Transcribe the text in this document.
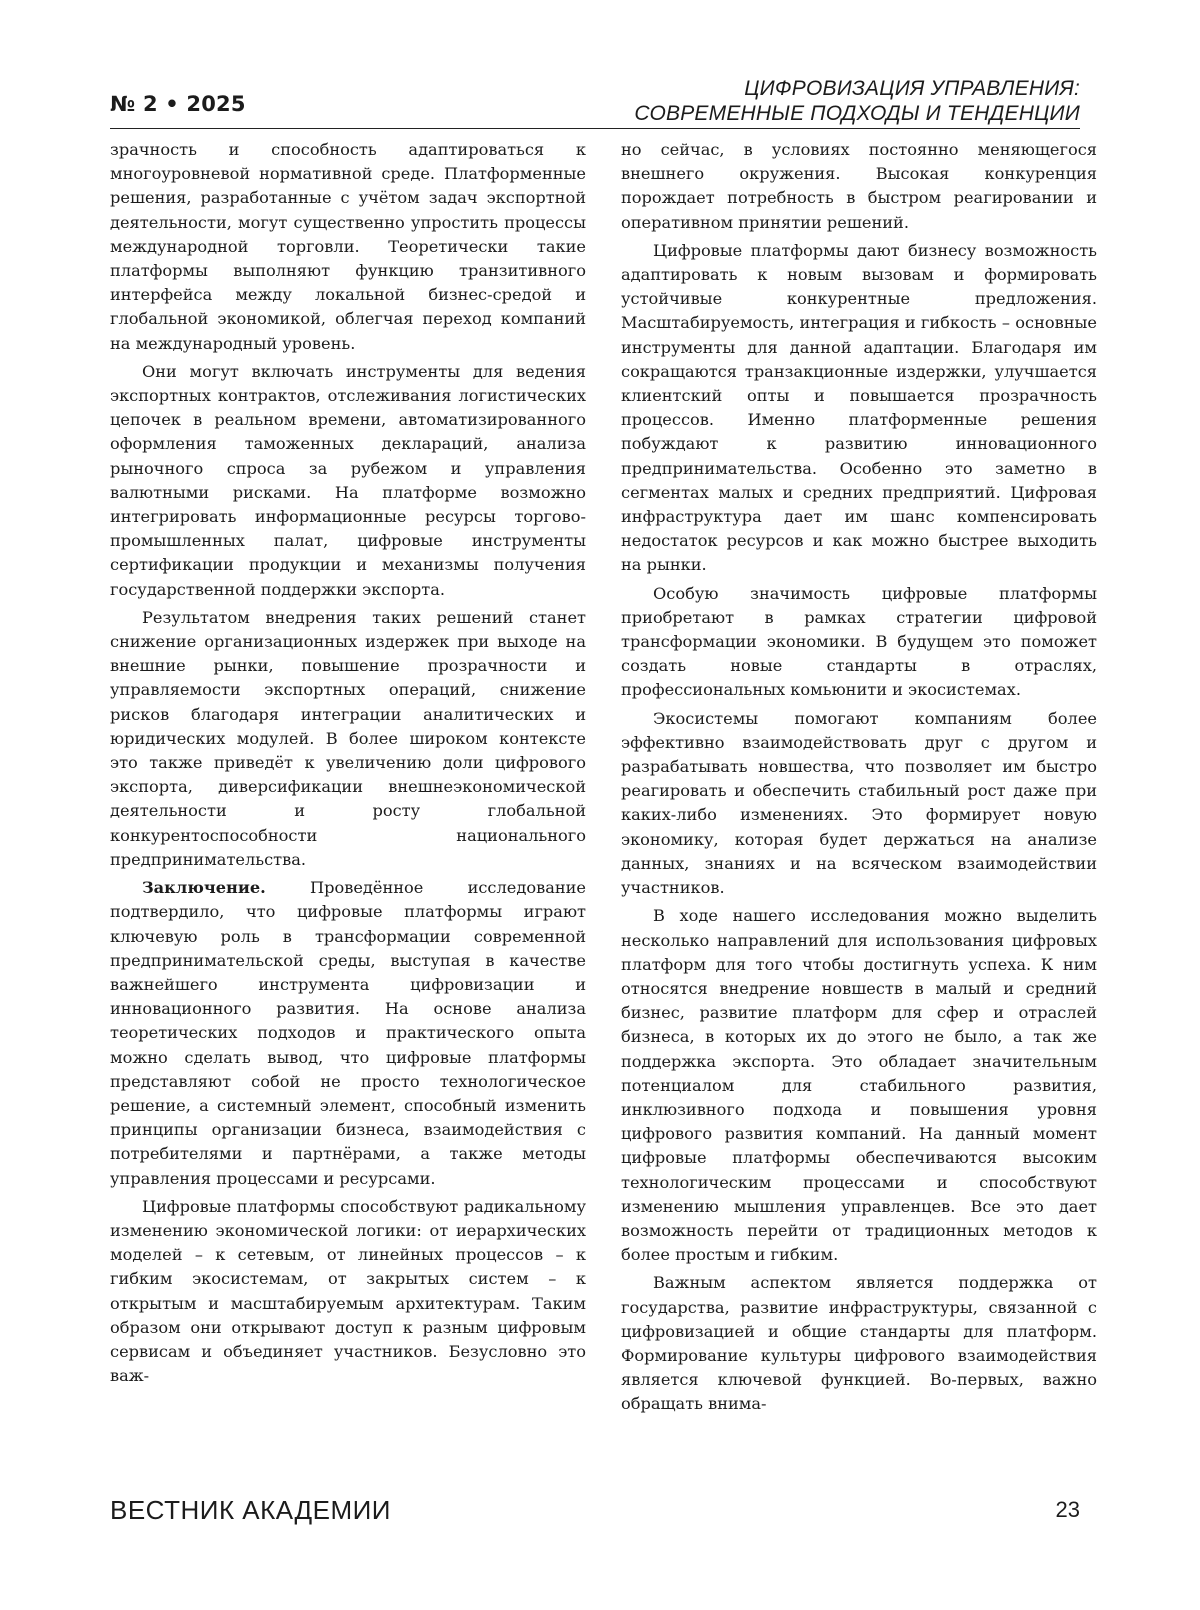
№ 2 • 2025
ЦИФРОВИЗАЦИЯ УПРАВЛЕНИЯ:
СОВРЕМЕННЫЕ ПОДХОДЫ И ТЕНДЕНЦИИ

зрачность и способность адаптироваться к многоуровневой нормативной среде. Платформенные решения, разработанные с учётом задач экспортной деятельности, могут существенно упростить процессы международной торговли. Теоретически такие платформы выполняют функцию транзитивного интерфейса между локальной бизнес-средой и глобальной экономикой, облегчая переход компаний на международный уровень.

Они могут включать инструменты для ведения экспортных контрактов, отслеживания логистических цепочек в реальном времени, автоматизированного оформления таможенных деклараций, анализа рыночного спроса за рубежом и управления валютными рисками. На платформе возможно интегрировать информационные ресурсы торгово-промышленных палат, цифровые инструменты сертификации продукции и механизмы получения государственной поддержки экспорта.

Результатом внедрения таких решений станет снижение организационных издержек при выходе на внешние рынки, повышение прозрачности и управляемости экспортных операций, снижение рисков благодаря интеграции аналитических и юридических модулей. В более широком контексте это также приведёт к увеличению доли цифрового экспорта, диверсификации внешнеэкономической деятельности и росту глобальной конкурентоспособности национального предпринимательства.

Заключение. Проведённое исследование подтвердило, что цифровые платформы играют ключевую роль в трансформации современной предпринимательской среды, выступая в качестве важнейшего инструмента цифровизации и инновационного развития. На основе анализа теоретических подходов и практического опыта можно сделать вывод, что цифровые платформы представляют собой не просто технологическое решение, а системный элемент, способный изменить принципы организации бизнеса, взаимодействия с потребителями и партнёрами, а также методы управления процессами и ресурсами.

Цифровые платформы способствуют радикальному изменению экономической логики: от иерархических моделей – к сетевым, от линейных процессов – к гибким экосистемам, от закрытых систем – к открытым и масштабируемым архитектурам. Таким образом они открывают доступ к разным цифровым сервисам и объединяет участников. Безусловно это важ-

но сейчас, в условиях постоянно меняющегося внешнего окружения. Высокая конкуренция порождает потребность в быстром реагировании и оперативном принятии решений.

Цифровые платформы дают бизнесу возможность адаптировать к новым вызовам и формировать устойчивые конкурентные предложения. Масштабируемость, интеграция и гибкость – основные инструменты для данной адаптации. Благодаря им сокращаются транзакционные издержки, улучшается клиентский опты и повышается прозрачность процессов. Именно платформенные решения побуждают к развитию инновационного предпринимательства. Особенно это заметно в сегментах малых и средних предприятий. Цифровая инфраструктура дает им шанс компенсировать недостаток ресурсов и как можно быстрее выходить на рынки.

Особую значимость цифровые платформы приобретают в рамках стратегии цифровой трансформации экономики. В будущем это поможет создать новые стандарты в отраслях, профессиональных комьюнити и экосистемах.

Экосистемы помогают компаниям более эффективно взаимодействовать друг с другом и разрабатывать новшества, что позволяет им быстро реагировать и обеспечить стабильный рост даже при каких-либо изменениях. Это формирует новую экономику, которая будет держаться на анализе данных, знаниях и на всяческом взаимодействии участников.

В ходе нашего исследования можно выделить несколько направлений для использования цифровых платформ для того чтобы достигнуть успеха. К ним относятся внедрение новшеств в малый и средний бизнес, развитие платформ для сфер и отраслей бизнеса, в которых их до этого не было, а так же поддержка экспорта. Это обладает значительным потенциалом для стабильного развития, инклюзивного подхода и повышения уровня цифрового развития компаний. На данный момент цифровые платформы обеспечиваются высоким технологическим процессами и способствуют изменению мышления управленцев. Все это дает возможность перейти от традиционных методов к более простым и гибким.

Важным аспектом является поддержка от государства, развитие инфраструктуры, связанной с цифровизацией и общие стандарты для платформ. Формирование культуры цифрового взаимодействия является ключевой функцией. Во-первых, важно обращать внима-

ВЕСТНИК АКАДЕМИИ	23
